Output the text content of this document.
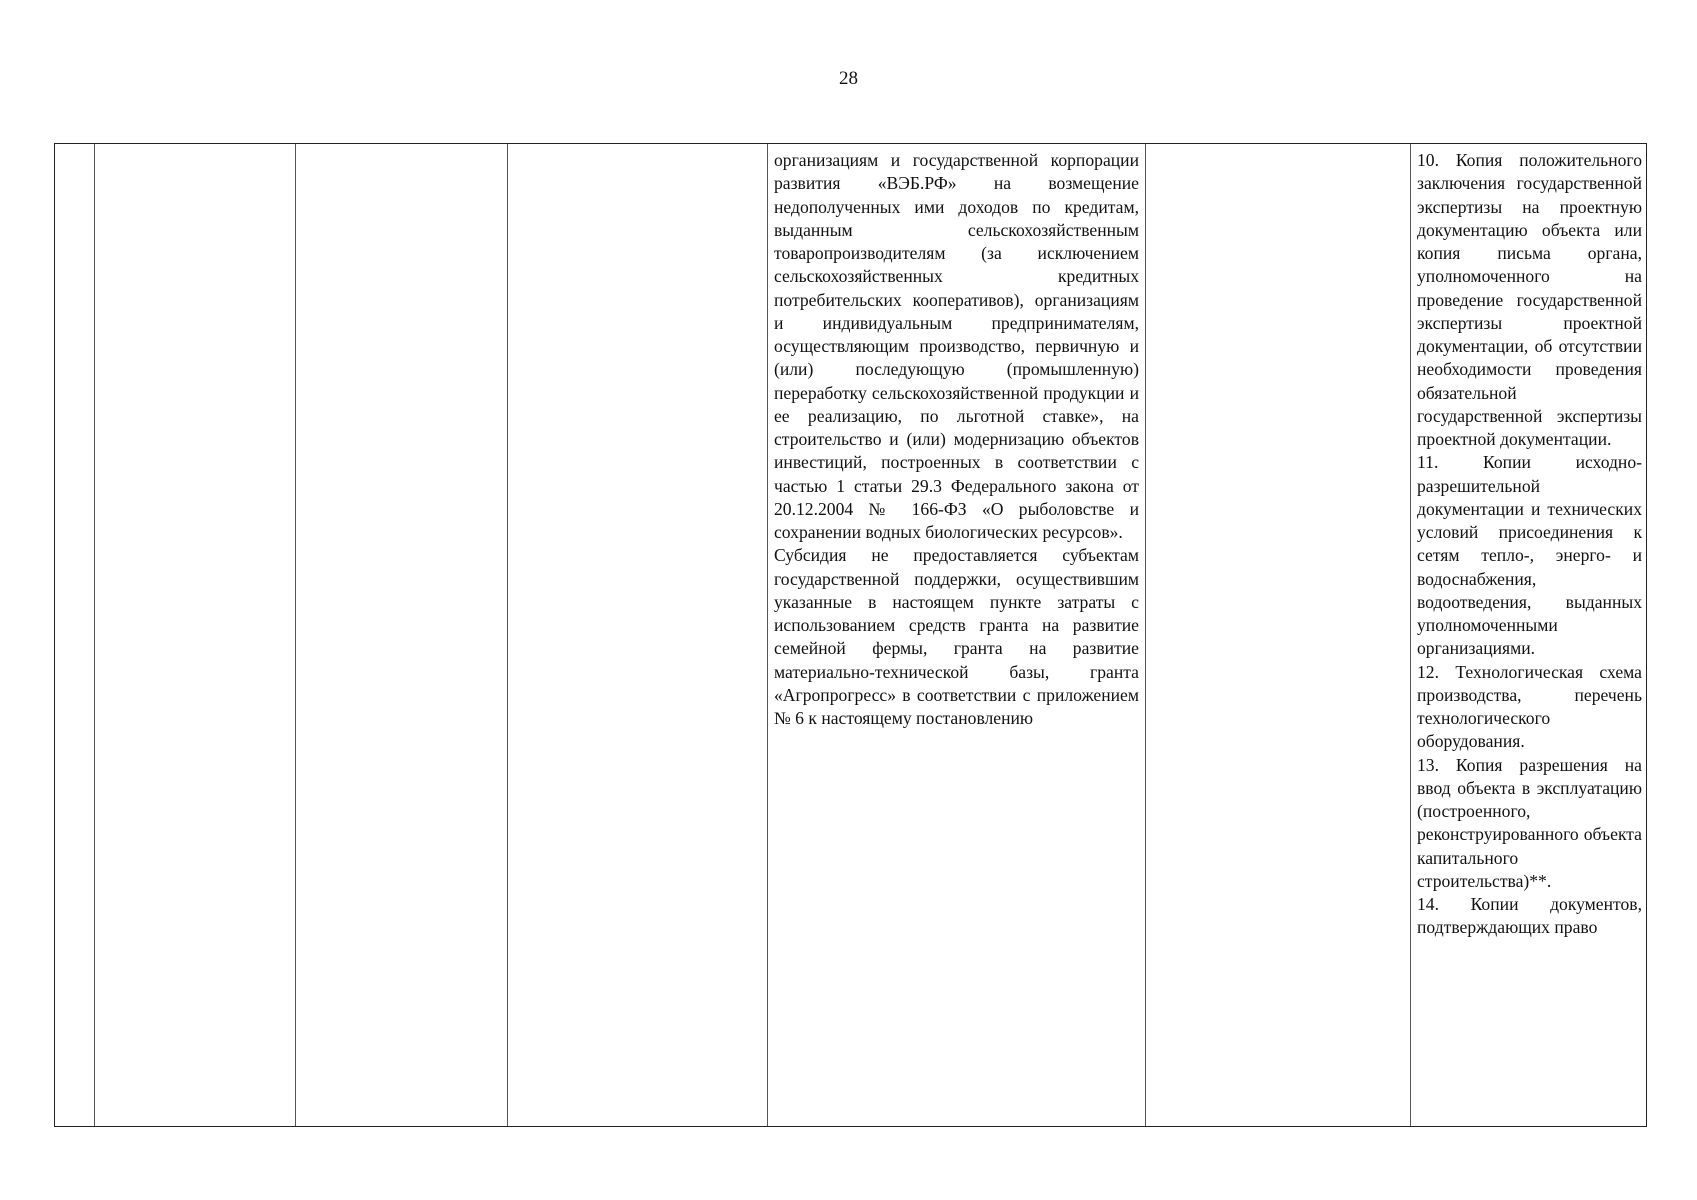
28

организациям и государственной корпорации развития «ВЭБ.РФ» на возмещение недополученных ими доходов по кредитам, выданным сельскохозяйственным товаропроизводителям (за исключением сельскохозяйственных кредитных потребительских кооперативов), организациям и индивидуальным предпринимателям, осуществляющим производство, первичную и (или) последующую (промышленную) переработку сельскохозяйственной продукции и ее реализацию, по льготной ставке», на строительство и (или) модернизацию объектов инвестиций, построенных в соответствии с частью 1 статьи 29.3 Федерального закона от 20.12.2004 № 166-ФЗ «О рыболовстве и сохранении водных биологических ресурсов».

Субсидия не предоставляется субъектам государственной поддержки, осуществившим указанные в настоящем пункте затраты с использованием средств гранта на развитие семейной фермы, гранта на развитие материально-технической базы, гранта «Агропрогресс» в соответствии с приложением № 6 к настоящему постановлению

10. Копия положительного заключения государственной экспертизы на проектную документацию объекта или копия письма органа, уполномоченного на проведение государственной экспертизы проектной документации, об отсутствии необходимости проведения обязательной государственной экспертизы проектной документации.

11. Копии исходно-разрешительной документации и технических условий присоединения к сетям тепло-, энерго- и водоснабжения, водоотведения, выданных уполномоченными организациями.

12. Технологическая схема производства, перечень технологического оборудования.

13. Копия разрешения на ввод объекта в эксплуатацию (построенного, реконструированного объекта капитального строительства)**.

14. Копии документов, подтверждающих право
